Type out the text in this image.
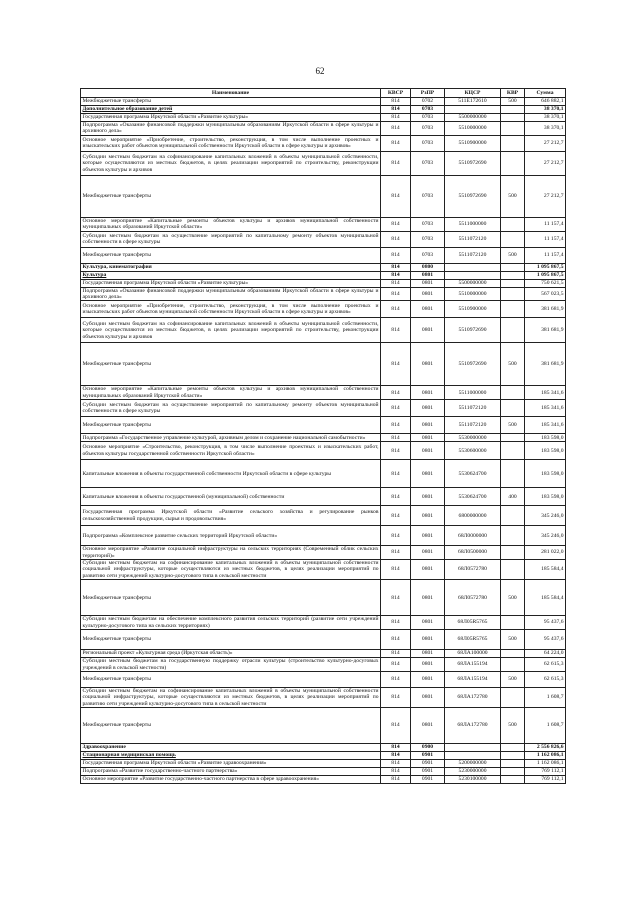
62
Наименование	КВСР	РзПР	КЦСР	КВР	Сумма
Межбюджетные трансферты	814	0702	511Е172610	500	646 882,1
Дополнительное образование детей	814	0703			38 370,1
Государственная программа Иркутской области «Развитие культуры»	814	0703	5500000000		38 370,1
Подпрограмма «Оказание финансовой поддержки муниципальным образованиям Иркутской области в сфере культуры и архивного дела»	814	0703	5510000000		38 370,1
Основное мероприятие «Приобретение, строительство, реконструкция, в том числе выполнение проектных и изыскательских работ объектов муниципальной собственности Иркутской области в сфере культуры и архивов»	814	0703	5510900000		27 212,7
Субсидии местным бюджетам на софинансирование капитальных вложений в объекты муниципальной собственности, которые осуществляются из местных бюджетов, в целях реализации мероприятий по строительству, реконструкции объектов культуры и архивов	814	0703	5510972690		27 212,7
Межбюджетные трансферты	814	0703	5510972690	500	27 212,7
Основное мероприятие «Капитальные ремонты объектов культуры и архивов муниципальной собственности муниципальных образований Иркутской области»	814	0703	5511000000		11 157,4
Субсидии местным бюджетам на осуществление мероприятий по капитальному ремонту объектов муниципальной собственности в сфере культуры	814	0703	5511072120		11 157,4
Межбюджетные трансферты	814	0703	5511072120	500	11 157,4
Культура, кинематография	814	0800			1 095 867,5
Культура	814	0801			1 095 867,5
Государственная программа Иркутской области «Развитие культуры»	814	0801	5500000000		750 621,5
Подпрограмма «Оказание финансовой поддержки муниципальным образованиям Иркутской области в сфере культуры и архивного дела»	814	0801	5510000000		567 023,5
Основное мероприятие «Приобретение, строительство, реконструкция, в том числе выполнение проектных и изыскательских работ объектов муниципальной собственности Иркутской области в сфере культуры и архивов»	814	0801	5510900000		381 681,9
Субсидии местным бюджетам на софинансирование капитальных вложений в объекты муниципальной собственности, которые осуществляются из местных бюджетов, в целях реализации мероприятий по строительству, реконструкции объектов культуры и архивов	814	0801	5510972690		381 681,9
Межбюджетные трансферты	814	0801	5510972690	500	381 681,9
Основное мероприятие «Капитальные ремонты объектов культуры и архивов муниципальной собственности муниципальных образований Иркутской области»	814	0801	5511000000		185 341,6
Субсидии местным бюджетам на осуществление мероприятий по капитальному ремонту объектов муниципальной собственности в сфере культуры	814	0801	5511072120		185 341,6
Межбюджетные трансферты	814	0801	5511072120	500	185 341,6
Подпрограмма «Государственное управление культурой, архивным делом и сохранение национальной самобытности»	814	0801	5530000000		183 598,0
Основное мероприятие «Строительство, реконструкция, в том числе выполнение проектных и изыскательских работ, объектов культуры государственной собственности Иркутской области»	814	0801	5530600000		183 598,0
Капитальные вложения в объекты государственной собственности Иркутской области в сфере культуры	814	0801	5530624700		183 598,0
Капитальные вложения в объекты государственной (муниципальной) собственности	814	0801	5530624700	400	183 598,0
Государственная программа Иркутской области «Развитие сельского хозяйства и регулирование рынков сельскохозяйственной продукции, сырья и продовольствия»	814	0801	6800000000		345 246,0
Подпрограмма «Комплексное развитие сельских территорий Иркутской области»	814	0801	68Л0000000		345 246,0
Основное мероприятие «Развитие социальной инфраструктуры на сельских территориях (Современный облик сельских территорий)»	814	0801	68Л0500000		281 022,0
Субсидии местным бюджетам на софинансирование капитальных вложений в объекты муниципальной собственности социальной инфраструктуры, которые осуществляются из местных бюджетов, в целях реализации мероприятий по развитию сети учреждений культурно-досугового типа в сельской местности	814	0801	68Л0572780		185 584,4
Межбюджетные трансферты	814	0801	68Л0572780	500	185 584,4
Субсидии местным бюджетам на обеспечение комплексного развития сельских территорий (развитие сети учреждений культурно-досугового типа на сельских территориях)	814	0801	68Л05R5765		95 437,6
Межбюджетные трансферты	814	0801	68Л05R5765	500	95 437,6
Региональный проект «Культурная среда (Иркутская область)»	814	0801	68ЛА100000		64 224,0
Субсидии местным бюджетам на государственную поддержку отрасли культуры (строительство культурно-досуговых учреждений в сельской местности)	814	0801	68ЛА155194		62 615,3
Межбюджетные трансферты	814	0801	68ЛА155194	500	62 615,3
Субсидии местным бюджетам на софинансирование капитальных вложений в объекты муниципальной собственности социальной инфраструктуры, которые осуществляются из местных бюджетов, в целях реализации мероприятий по развитию сети учреждений культурно-досугового типа в сельской местности	814	0801	68ЛА172780		1 608,7
Межбюджетные трансферты	814	0801	68ЛА172780	500	1 608,7
Здравоохранение	814	0900			2 556 826,6
Стационарная медицинская помощь	814	0901			1 162 086,1
Государственная программа Иркутской области «Развитие здравоохранения»	814	0901	5200000000		1 162 086,1
Подпрограмма «Развитие государственно-частного партнерства»	814	0901	5230000000		769 112,1
Основное мероприятие «Развитие государственно-частного партнерства в сфере здравоохранения»	814	0901	5230100000		769 112,1
